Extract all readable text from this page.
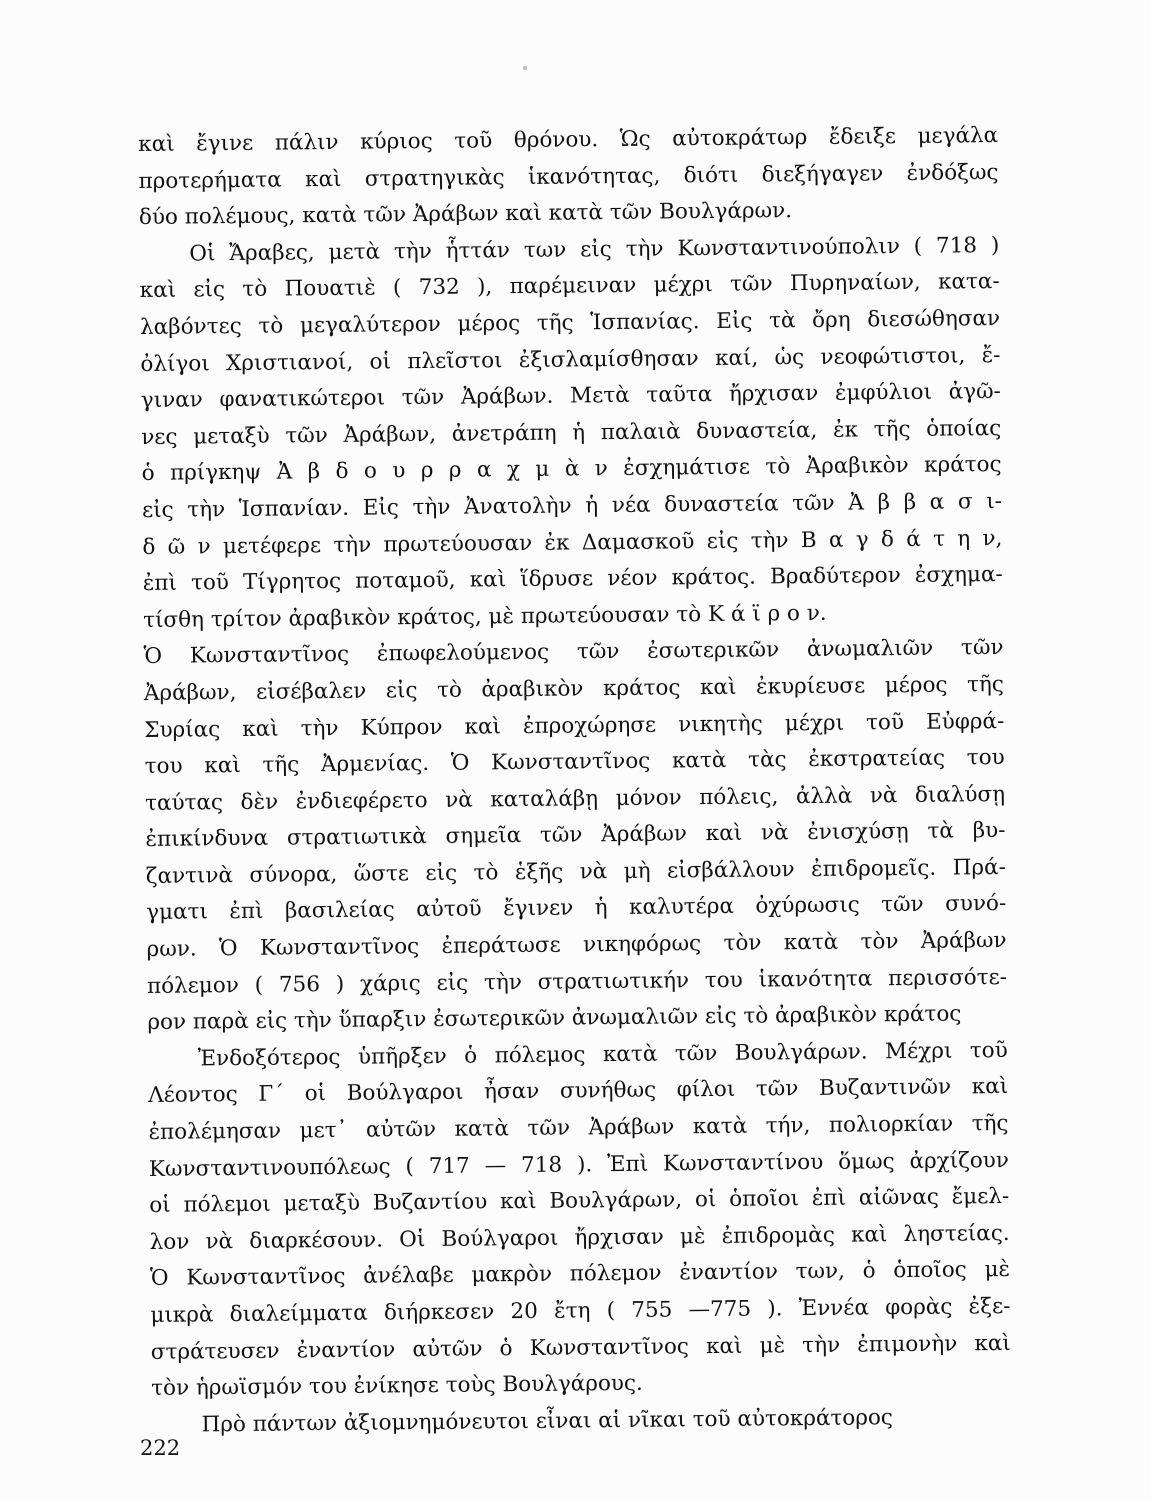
καὶ ἔγινε πάλιν κύριος τοῦ θρόνου. Ὡς αὐτοκράτωρ ἔδειξε μεγάλα
προτερήματα καὶ στρατηγικὰς ἱκανότητας, διότι διεξήγαγεν ἐνδόξως
δύο πολέμους, κατὰ τῶν Ἀράβων καὶ κατὰ τῶν Βουλγάρων.
Οἱ Ἄραβες, μετὰ τὴν ἧττάν των εἰς τὴν Κωνσταντινούπολιν ( 718 )
καὶ εἰς τὸ Πουατιὲ ( 732 ), παρέμειναν μέχρι τῶν Πυρηναίων, κατα-
λαβόντες τὸ μεγαλύτερον μέρος τῆς Ἱσπανίας. Εἰς τὰ ὄρη διεσώθησαν
ὀλίγοι Χριστιανοί, οἱ πλεῖστοι ἐξισλαμίσθησαν καί, ὡς νεοφώτιστοι, ἔ-
γιναν φανατικώτεροι τῶν Ἀράβων. Μετὰ ταῦτα ἤρχισαν ἐμφύλιοι ἀγῶ-
νες μεταξὺ τῶν Ἀράβων, ἀνετράπη ἡ παλαιὰ δυναστεία, ἐκ τῆς ὁποίας
ὁ πρίγκηψ Ἀ β δ ο υ ρ ρ α χ μ ὰ ν ἐσχημάτισε τὸ Ἀραβικὸν κράτος
εἰς τὴν Ἱσπανίαν. Εἰς τὴν Ἀνατολὴν ἡ νέα δυναστεία τῶν Ἀ β β α σ ι-
δ ῶ ν μετέφερε τὴν πρωτεύουσαν ἐκ Δαμασκοῦ εἰς τὴν Β α γ δ ά τ η ν,
ἐπὶ τοῦ Τίγρητος ποταμοῦ, καὶ ἵδρυσε νέον κράτος. Βραδύτερον ἐσχημα-
τίσθη τρίτον ἀραβικὸν κράτος, μὲ πρωτεύουσαν τὸ Κ ά ϊ ρ ο ν.
Ὁ Κωνσταντῖνος ἐπωφελούμενος τῶν ἐσωτερικῶν ἀνωμαλιῶν τῶν
Ἀράβων, εἰσέβαλεν εἰς τὸ ἀραβικὸν κράτος καὶ ἐκυρίευσε μέρος τῆς
Συρίας καὶ τὴν Κύπρον καὶ ἐπροχώρησε νικητὴς μέχρι τοῦ Εὐφρά-
του καὶ τῆς Ἀρμενίας. Ὁ Κωνσταντῖνος κατὰ τὰς ἐκστρατείας του
ταύτας δὲν ἐνδιεφέρετο νὰ καταλάβῃ μόνον πόλεις, ἀλλὰ νὰ διαλύσῃ
ἐπικίνδυνα στρατιωτικὰ σημεῖα τῶν Ἀράβων καὶ νὰ ἐνισχύσῃ τὰ βυ-
ζαντινὰ σύνορα, ὥστε εἰς τὸ ἑξῆς νὰ μὴ εἰσβάλλουν ἐπιδρομεῖς. Πρά-
γματι ἐπὶ βασιλείας αὐτοῦ ἔγινεν ἡ καλυτέρα ὀχύρωσις τῶν συνό-
ρων. Ὁ Κωνσταντῖνος ἐπεράτωσε νικηφόρως τὸν κατὰ τὸν Ἀράβων
πόλεμον ( 756 ) χάρις εἰς τὴν στρατιωτικήν του ἱκανότητα περισσότε-
ρον παρὰ εἰς τὴν ὕπαρξιν ἐσωτερικῶν ἀνωμαλιῶν εἰς τὸ ἀραβικὸν κράτος
Ἐνδοξότερος ὑπῆρξεν ὁ πόλεμος κατὰ τῶν Βουλγάρων. Μέχρι τοῦ
Λέοντος Γ΄ οἱ Βούλγαροι ἦσαν συνήθως φίλοι τῶν Βυζαντινῶν καὶ
ἐπολέμησαν μετ᾽ αὐτῶν κατὰ τῶν Ἀράβων κατὰ τήν, πολιορκίαν τῆς
Κωνσταντινουπόλεως ( 717 — 718 ). Ἐπὶ Κωνσταντίνου ὅμως ἀρχίζουν
οἱ πόλεμοι μεταξὺ Βυζαντίου καὶ Βουλγάρων, οἱ ὁποῖοι ἐπὶ αἰῶνας ἔμελ-
λον νὰ διαρκέσουν. Οἱ Βούλγαροι ἤρχισαν μὲ ἐπιδρομὰς καὶ ληστείας.
Ὁ Κωνσταντῖνος ἀνέλαβε μακρὸν πόλεμον ἐναντίον των, ὁ ὁποῖος μὲ
μικρὰ διαλείμματα διήρκεσεν 20 ἔτη ( 755 —775 ). Ἐννέα φορὰς ἐξε-
στράτευσεν ἐναντίον αὐτῶν ὁ Κωνσταντῖνος καὶ μὲ τὴν ἐπιμονὴν καὶ
τὸν ἡρωϊσμόν του ἐνίκησε τοὺς Βουλγάρους.
Πρὸ πάντων ἀξιομνημόνευτοι εἶναι αἱ νῖκαι τοῦ αὐτοκράτορος
222
